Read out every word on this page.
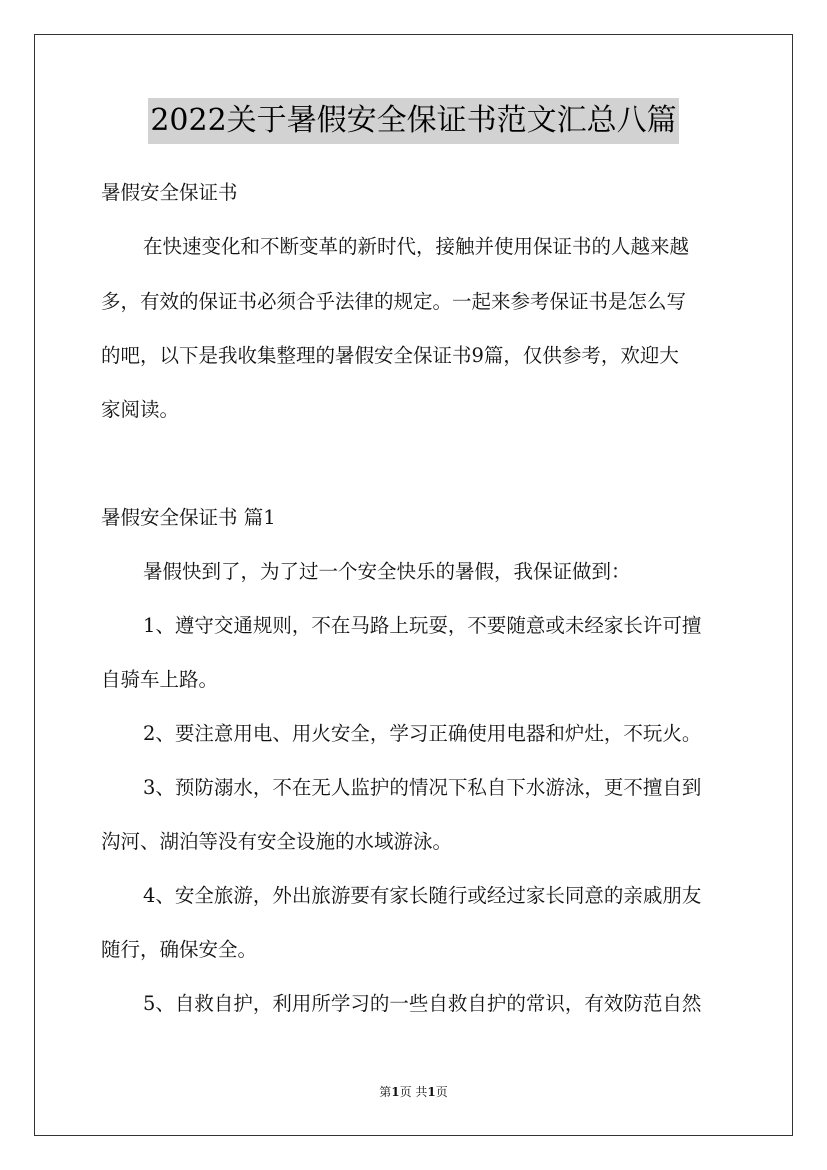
2022关于暑假安全保证书范文汇总八篇
暑假安全保证书
在快速变化和不断变革的新时代，接触并使用保证书的人越来越
多，有效的保证书必须合乎法律的规定。一起来参考保证书是怎么写
的吧，以下是我收集整理的暑假安全保证书9篇，仅供参考，欢迎大
家阅读。
暑假安全保证书 篇1
暑假快到了，为了过一个安全快乐的暑假，我保证做到：
1、遵守交通规则，不在马路上玩耍，不要随意或未经家长许可擅
自骑车上路。
2、要注意用电、用火安全，学习正确使用电器和炉灶，不玩火。
3、预防溺水，不在无人监护的情况下私自下水游泳，更不擅自到
沟河、湖泊等没有安全设施的水域游泳。
4、安全旅游，外出旅游要有家长随行或经过家长同意的亲戚朋友
随行，确保安全。
5、自救自护，利用所学习的一些自救自护的常识，有效防范自然
第1页 共1页
